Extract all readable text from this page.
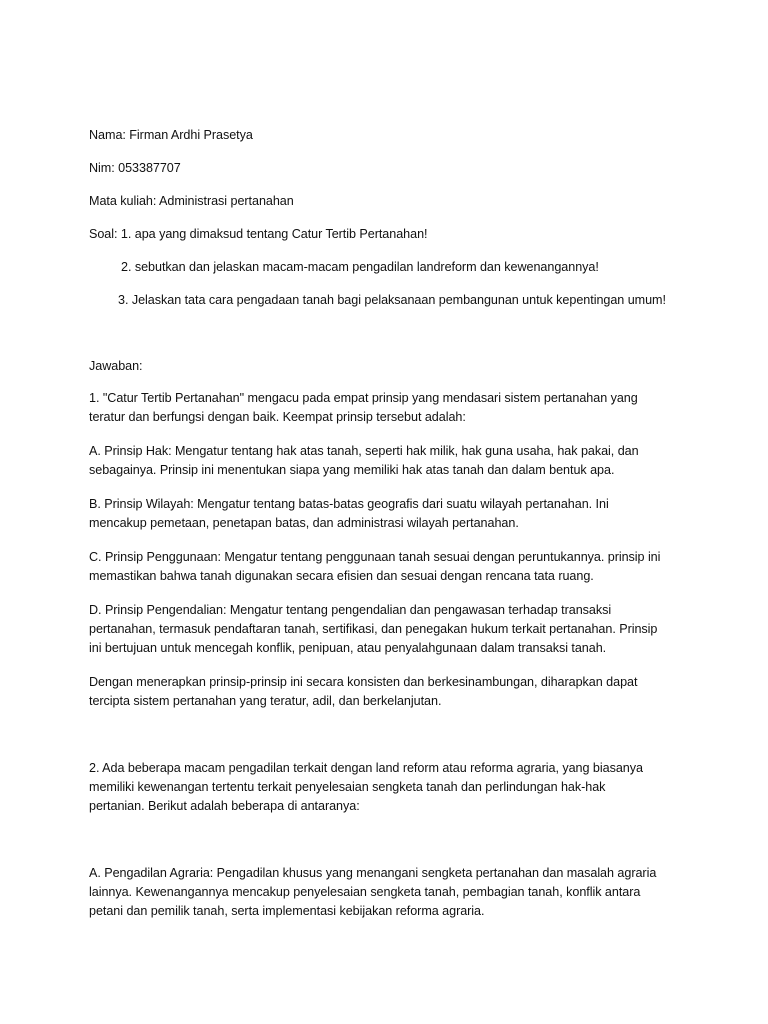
Nama: Firman Ardhi Prasetya
Nim: 053387707
Mata kuliah: Administrasi pertanahan
Soal: 1. apa yang dimaksud tentang Catur Tertib Pertanahan!
2. sebutkan dan jelaskan macam-macam pengadilan landreform dan kewenangannya!
3. Jelaskan tata cara pengadaan tanah bagi pelaksanaan pembangunan untuk kepentingan umum!
Jawaban:
1. "Catur Tertib Pertanahan" mengacu pada empat prinsip yang mendasari sistem pertanahan yang
teratur dan berfungsi dengan baik. Keempat prinsip tersebut adalah:
A. Prinsip Hak: Mengatur tentang hak atas tanah, seperti hak milik, hak guna usaha, hak pakai, dan
sebagainya. Prinsip ini menentukan siapa yang memiliki hak atas tanah dan dalam bentuk apa.
B. Prinsip Wilayah: Mengatur tentang batas-batas geografis dari suatu wilayah pertanahan. Ini
mencakup pemetaan, penetapan batas, dan administrasi wilayah pertanahan.
C. Prinsip Penggunaan: Mengatur tentang penggunaan tanah sesuai dengan peruntukannya. prinsip ini
memastikan bahwa tanah digunakan secara efisien dan sesuai dengan rencana tata ruang.
D. Prinsip Pengendalian: Mengatur tentang pengendalian dan pengawasan terhadap transaksi
pertanahan, termasuk pendaftaran tanah, sertifikasi, dan penegakan hukum terkait pertanahan. Prinsip
ini bertujuan untuk mencegah konflik, penipuan, atau penyalahgunaan dalam transaksi tanah.
Dengan menerapkan prinsip-prinsip ini secara konsisten dan berkesinambungan, diharapkan dapat
tercipta sistem pertanahan yang teratur, adil, dan berkelanjutan.
2. Ada beberapa macam pengadilan terkait dengan land reform atau reforma agraria, yang biasanya
memiliki kewenangan tertentu terkait penyelesaian sengketa tanah dan perlindungan hak-hak
pertanian. Berikut adalah beberapa di antaranya:
A. Pengadilan Agraria: Pengadilan khusus yang menangani sengketa pertanahan dan masalah agraria
lainnya. Kewenangannya mencakup penyelesaian sengketa tanah, pembagian tanah, konflik antara
petani dan pemilik tanah, serta implementasi kebijakan reforma agraria.
